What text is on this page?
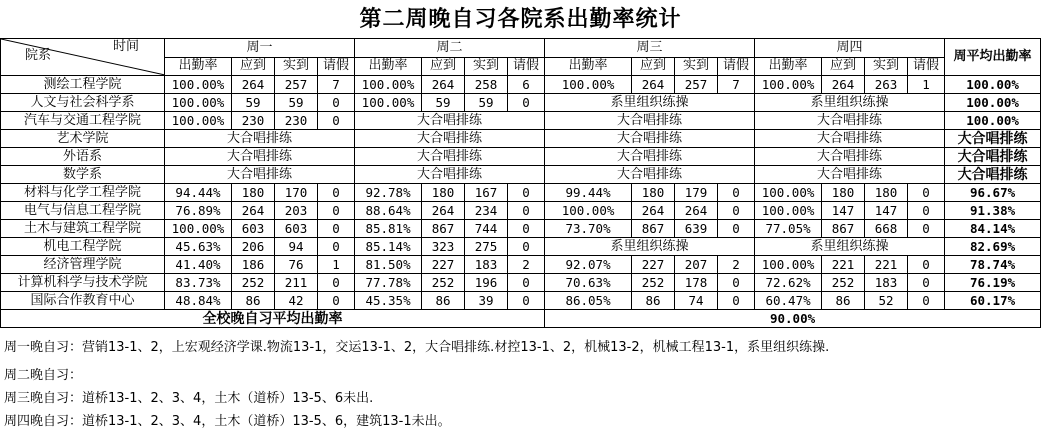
第二周晚自习各院系出勤率统计
院系
时间	周一				周二				周三				周四				周平均出勤率
	出勤率	应到	实到	请假	出勤率	应到	实到	请假	出勤率	应到	实到	请假	出勤率	应到	实到	请假	
测绘工程学院	100.00%	264	257	7	100.00%	264	258	6	100.00%	264	257	7	100.00%	264	263	1	100.00%
人文与社会科学系	100.00%	59	59	0	100.00%	59	59	0	系里组织练操				系里组织练操				100.00%
汽车与交通工程学院	100.00%	230	230	0	大合唱排练				大合唱排练				大合唱排练				100.00%
艺术学院	大合唱排练				大合唱排练				大合唱排练				大合唱排练				大合唱排练
外语系	大合唱排练				大合唱排练				大合唱排练				大合唱排练				大合唱排练
数学系	大合唱排练				大合唱排练				大合唱排练				大合唱排练				大合唱排练
材料与化学工程学院	94.44%	180	170	0	92.78%	180	167	0	99.44%	180	179	0	100.00%	180	180	0	96.67%
电气与信息工程学院	76.89%	264	203	0	88.64%	264	234	0	100.00%	264	264	0	100.00%	147	147	0	91.38%
土木与建筑工程学院	100.00%	603	603	0	85.81%	867	744	0	73.70%	867	639	0	77.05%	867	668	0	84.14%
机电工程学院	45.63%	206	94	0	85.14%	323	275	0	系里组织练操				系里组织练操				82.69%
经济管理学院	41.40%	186	76	1	81.50%	227	183	2	92.07%	227	207	2	100.00%	221	221	0	78.74%
计算机科学与技术学院	83.73%	252	211	0	77.78%	252	196	0	70.63%	252	178	0	72.62%	252	183	0	76.19%
国际合作教育中心	48.84%	86	42	0	45.35%	86	39	0	86.05%	86	74	0	60.47%	86	52	0	60.17%
全校晚自习平均出勤率									90.00%								
周一晚自习：营销13-1、2，上宏观经济学课.物流13-1，交运13-1、2，大合唱排练.材控13-1、2，机械13-2，机械工程13-1，系里组织练操.
周二晚自习：
周三晚自习：道桥13-1、2、3、4，土木（道桥）13-5、6未出.
周四晚自习：道桥13-1、2、3、4，土木（道桥）13-5、6，建筑13-1未出。
